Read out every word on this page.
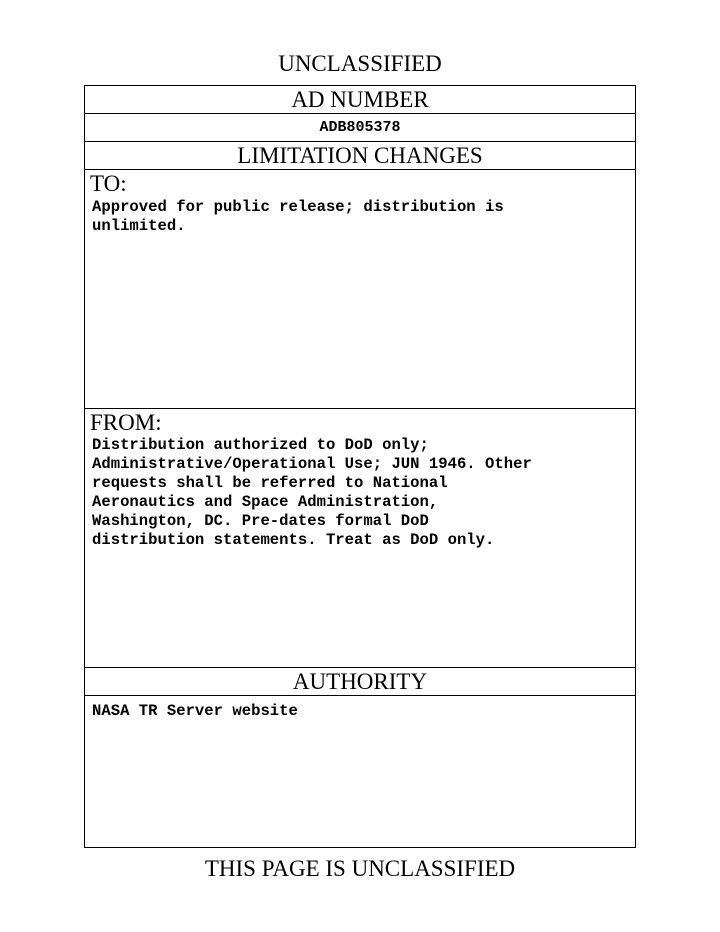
UNCLASSIFIED
AD NUMBER
ADB805378
LIMITATION CHANGES
TO:
Approved for public release; distribution is
unlimited.
FROM:
Distribution authorized to DoD only;
Administrative/Operational Use; JUN 1946. Other
requests shall be referred to National
Aeronautics and Space Administration,
Washington, DC. Pre-dates formal DoD
distribution statements. Treat as DoD only.
AUTHORITY
NASA TR Server website
THIS PAGE IS UNCLASSIFIED
